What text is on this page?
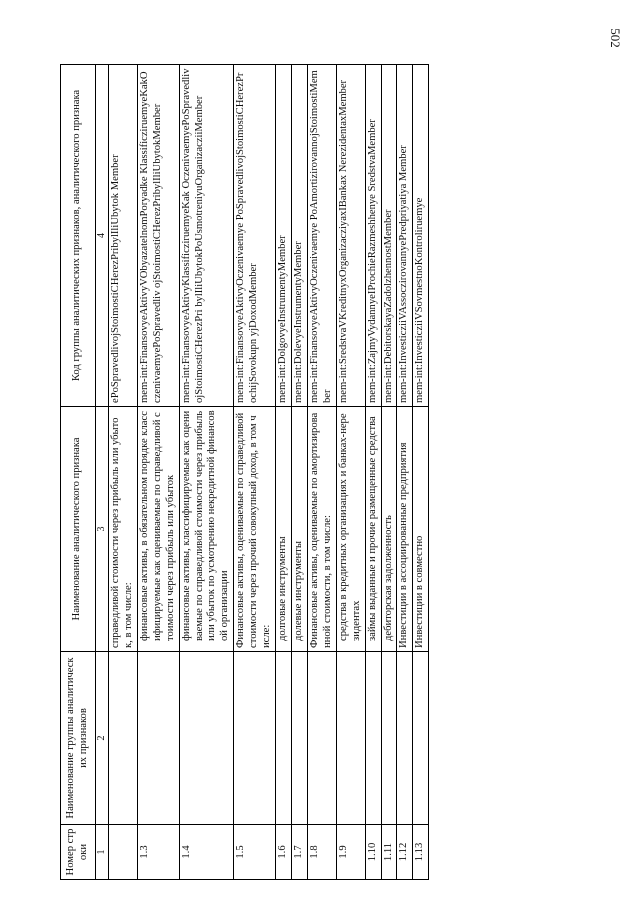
502
Номер строки	Наименование группы аналитических признаков	Наименование аналитического признака	Код группы аналитических признаков, аналитического признака
1	2	3	4
		справедливой стоимости через прибыль или убыток, в том числе:	ePoSpravedlivojStoimostiCHerezPribylIliUbytok Member
1.3		финансовые активы, в обязательном порядке классифицируемые как оцениваемые по справедливой стоимости через прибыль или убыток	mem-int:FinansovyeAktivyVObyazatelnomPoryadke KlassificziruemyeKakOczenivaemyePoSpravedliv ojStoimostiCHerezPribylIliUbytokMember
1.4		финансовые активы, классифицируемые как оцениваемые по справедливой стоимости через прибыль или убыток по усмотрению некредитной финансовой организации	mem-int:FinansovyeAktivyKlassificziruemyeKak OczenivaemyePoSpravedlivojStoimostiCHerezPri bylIliUbytokPoUsmotreniyuOrganizacziiMember
1.5		Финансовые активы, оцениваемые по справедливой стоимости через прочий совокупный доход, в том числе:	mem-int:FinansovyeAktivyOczenivaemye PoSpravedlivojStoimostiCHerezProchijSovokupn yjDoxodMember
1.6		долговые инструменты	mem-int:DolgovyeInstrumentyMember
1.7		долевые инструменты	mem-int:DolevyeInstrumentyMember
1.8		Финансовые активы, оцениваемые по амортизированной стоимости, в том числе:	mem-int:FinansovyeAktivyOczenivaemye PoAmortizirovannojStoimostiMember
1.9		средства в кредитных организациях и банках-нерезидентах	mem-int:SredstvaVKreditnyxOrganizacziyaxIBankax NerezidentaxMember
1.10		займы выданные и прочие размещенные средства	mem-int:ZajmyVydannyeIProchieRazmeshhenye SredstvaMember
1.11		дебиторская задолженность	mem-int:DebitorskayaZadolzhennostMember
1.12		Инвестиции в ассоциированные предприятия	mem-int:InvesticziiVAssoczirovannyePredpriyatiya Member
1.13		Инвестиции в совместно	mem-int:InvesticziiVSovmestnoKontroliruemye
